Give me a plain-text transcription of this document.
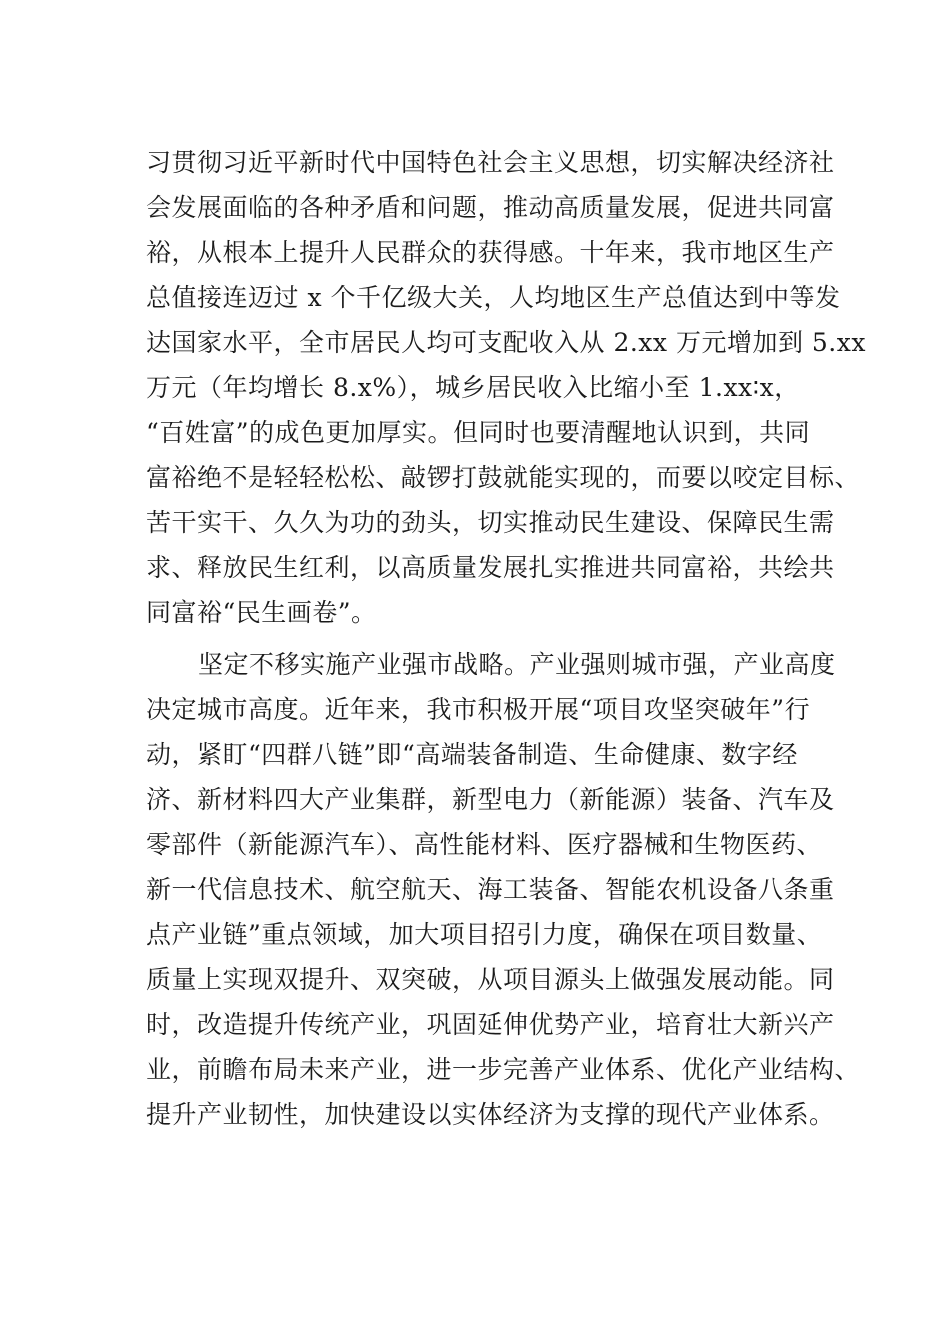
习贯彻习近平新时代中国特色社会主义思想，切实解决经济社
会发展面临的各种矛盾和问题，推动高质量发展，促进共同富
裕，从根本上提升人民群众的获得感。十年来，我市地区生产
总值接连迈过 x 个千亿级大关，人均地区生产总值达到中等发
达国家水平，全市居民人均可支配收入从 2.xx 万元增加到 5.xx
万元（年均增长 8.x%），城乡居民收入比缩小至 1.xx∶x，
“百姓富”的成色更加厚实。但同时也要清醒地认识到，共同
富裕绝不是轻轻松松、敲锣打鼓就能实现的，而要以咬定目标、
苦干实干、久久为功的劲头，切实推动民生建设、保障民生需
求、释放民生红利，以高质量发展扎实推进共同富裕，共绘共
同富裕“民生画卷”。
坚定不移实施产业强市战略。产业强则城市强，产业高度
决定城市高度。近年来，我市积极开展“项目攻坚突破年”行
动，紧盯“四群八链”即“高端装备制造、生命健康、数字经
济、新材料四大产业集群，新型电力（新能源）装备、汽车及
零部件（新能源汽车）、高性能材料、医疗器械和生物医药、
新一代信息技术、航空航天、海工装备、智能农机设备八条重
点产业链”重点领域，加大项目招引力度，确保在项目数量、
质量上实现双提升、双突破，从项目源头上做强发展动能。同
时，改造提升传统产业，巩固延伸优势产业，培育壮大新兴产
业，前瞻布局未来产业，进一步完善产业体系、优化产业结构、
提升产业韧性，加快建设以实体经济为支撑的现代产业体系。
